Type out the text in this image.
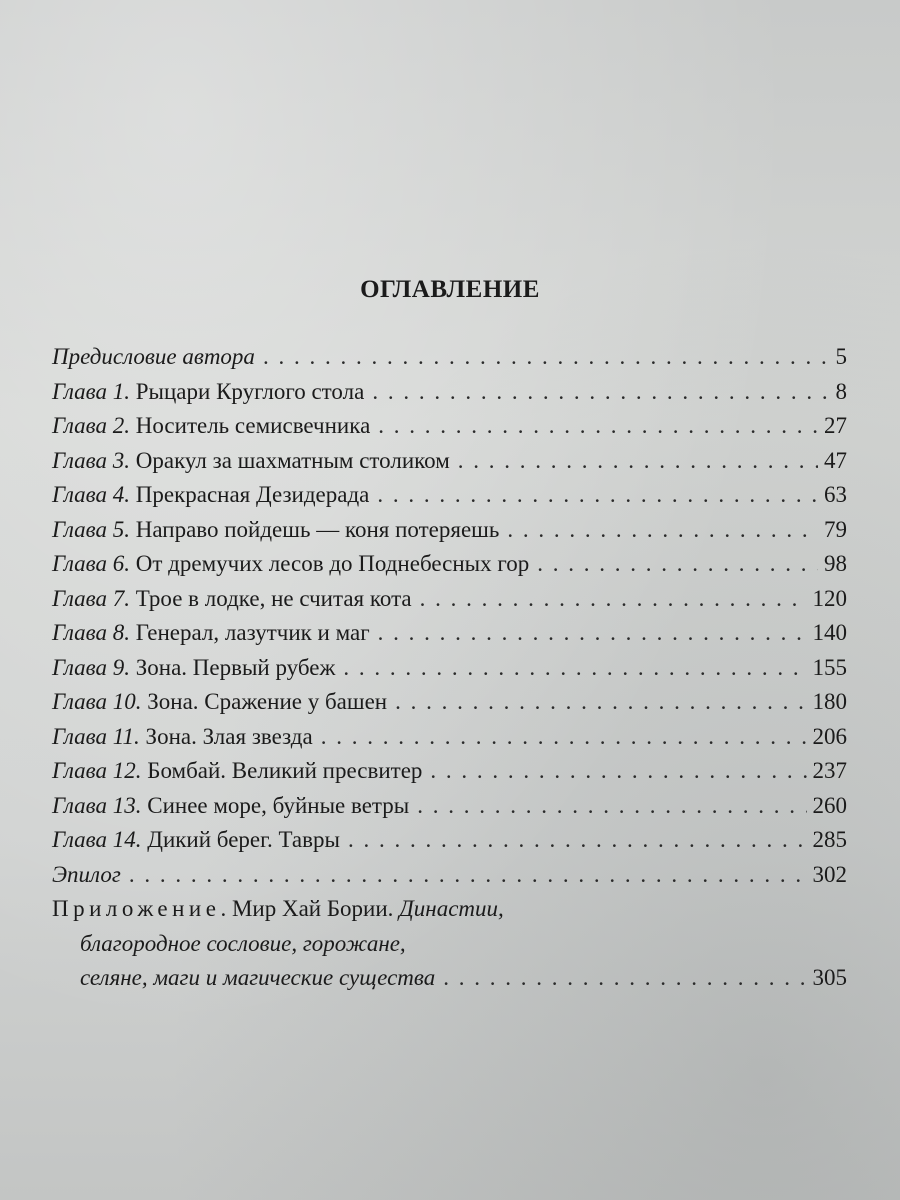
ОГЛАВЛЕНИЕ
Предисловие автора . . .	5
Глава 1. Рыцари Круглого стола . . .	8
Глава 2. Носитель семисвечника . . .	27
Глава 3. Оракул за шахматным столиком . . .	47
Глава 4. Прекрасная Дезидерада . . .	63
Глава 5. Направо пойдешь — коня потеряешь . . .	79
Глава 6. От дремучих лесов до Поднебесных гор . . .	98
Глава 7. Трое в лодке, не считая кота . . .	120
Глава 8. Генерал, лазутчик и маг . . .	140
Глава 9. Зона. Первый рубеж . . .	155
Глава 10. Зона. Сражение у башен . . .	180
Глава 11. Зона. Злая звезда . . .	206
Глава 12. Бомбай. Великий пресвитер . . .	237
Глава 13. Синее море, буйные ветры . . .	260
Глава 14. Дикий берег. Тавры . . .	285
Эпилог . . .	302
Приложение. Мир Хай Бории. Династии,
благородное сословие, горожане,
селяне, маги и магические существа . . .	305
